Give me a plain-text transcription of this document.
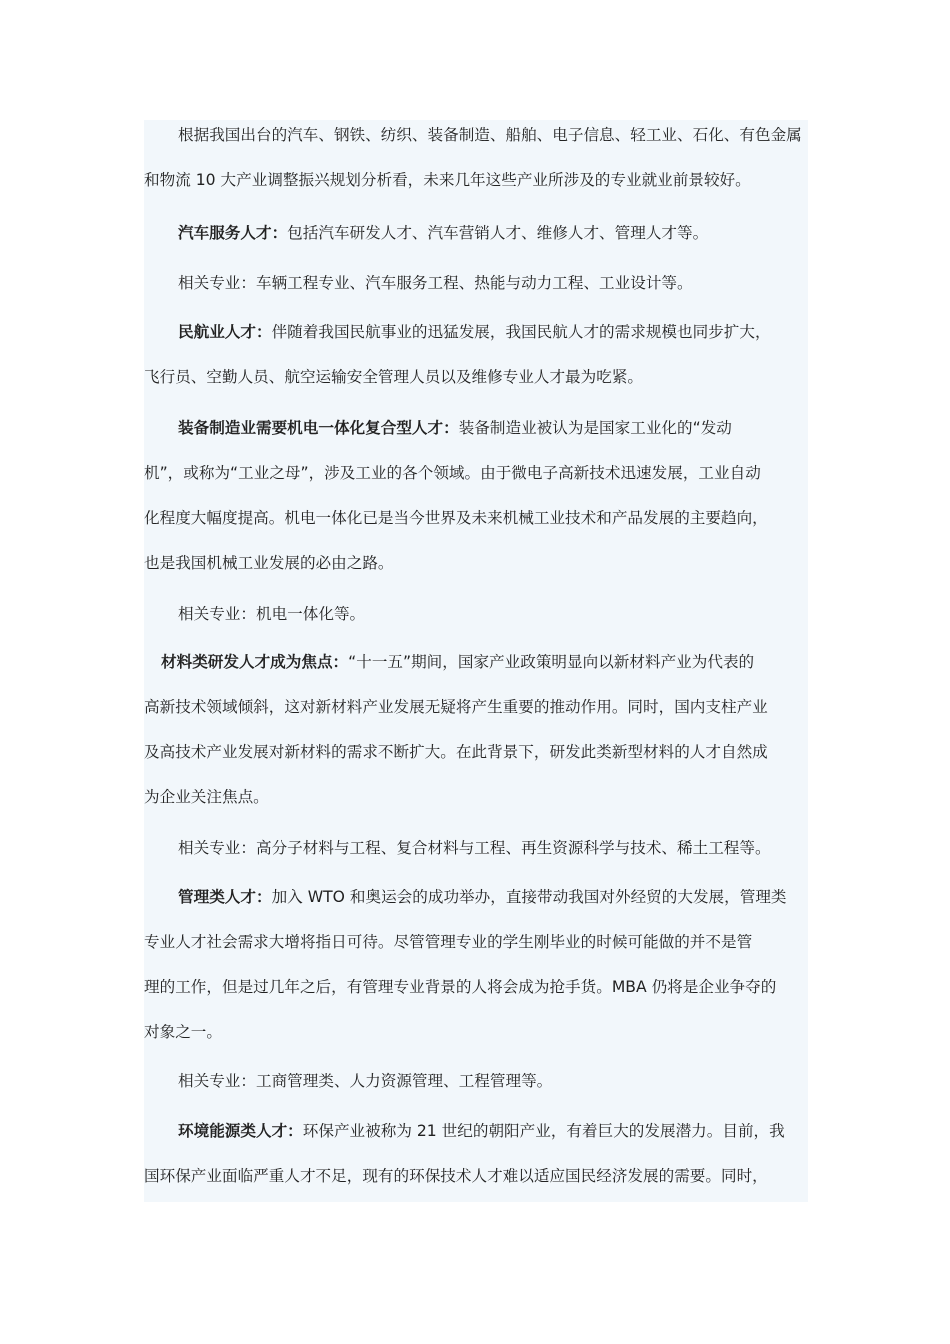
根据我国出台的汽车、钢铁、纺织、装备制造、船舶、电子信息、轻工业、石化、有色金属
和物流 10 大产业调整振兴规划分析看，未来几年这些产业所涉及的专业就业前景较好。
汽车服务人才：包括汽车研发人才、汽车营销人才、维修人才、管理人才等。
相关专业：车辆工程专业、汽车服务工程、热能与动力工程、工业设计等。
民航业人才：伴随着我国民航事业的迅猛发展，我国民航人才的需求规模也同步扩大，
飞行员、空勤人员、航空运输安全管理人员以及维修专业人才最为吃紧。
装备制造业需要机电一体化复合型人才：装备制造业被认为是国家工业化的“发动
机”，或称为“工业之母”，涉及工业的各个领域。由于微电子高新技术迅速发展，工业自动
化程度大幅度提高。机电一体化已是当今世界及未来机械工业技术和产品发展的主要趋向，
也是我国机械工业发展的必由之路。
相关专业：机电一体化等。
材料类研发人才成为焦点：“十一五”期间，国家产业政策明显向以新材料产业为代表的
高新技术领域倾斜，这对新材料产业发展无疑将产生重要的推动作用。同时，国内支柱产业
及高技术产业发展对新材料的需求不断扩大。在此背景下，研发此类新型材料的人才自然成
为企业关注焦点。
相关专业：高分子材料与工程、复合材料与工程、再生资源科学与技术、稀土工程等。
管理类人才：加入 WTO 和奥运会的成功举办，直接带动我国对外经贸的大发展，管理类
专业人才社会需求大增将指日可待。尽管管理专业的学生刚毕业的时候可能做的并不是管
理的工作，但是过几年之后，有管理专业背景的人将会成为抢手货。MBA 仍将是企业争夺的
对象之一。
相关专业：工商管理类、人力资源管理、工程管理等。
环境能源类人才：环保产业被称为 21 世纪的朝阳产业，有着巨大的发展潜力。目前，我
国环保产业面临严重人才不足，现有的环保技术人才难以适应国民经济发展的需要。同时，
